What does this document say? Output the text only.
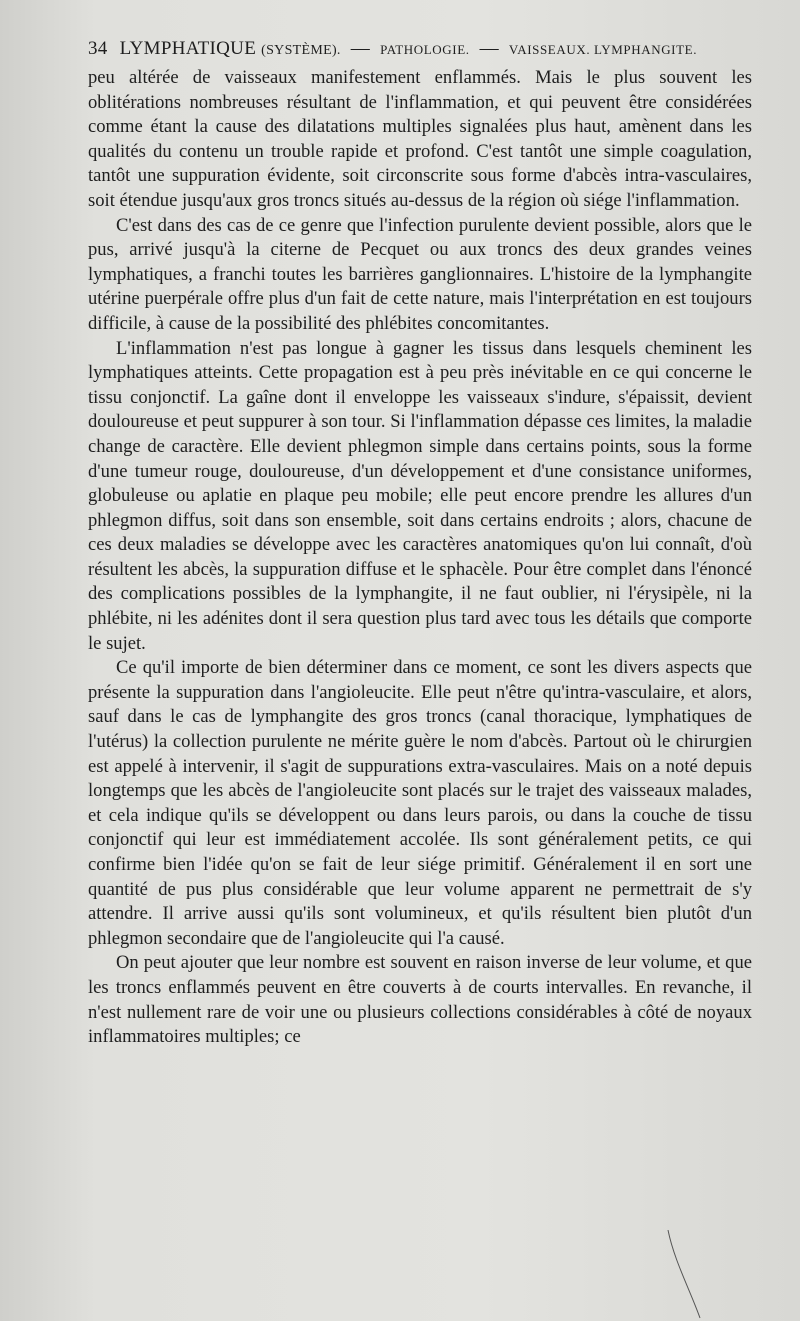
34 LYMPHATIQUE (SYSTÈME). — PATHOLOGIE. — VAISSEAUX. LYMPHANGITE.

peu altérée de vaisseaux manifestement enflammés. Mais le plus souvent les oblitérations nombreuses résultant de l'inflammation, et qui peuvent être considérées comme étant la cause des dilatations multiples signalées plus haut, amènent dans les qualités du contenu un trouble rapide et profond. C'est tantôt une simple coagulation, tantôt une suppuration évidente, soit circonscrite sous forme d'abcès intra-vasculaires, soit étendue jusqu'aux gros troncs situés au-dessus de la région où siége l'inflammation.

C'est dans des cas de ce genre que l'infection purulente devient possible, alors que le pus, arrivé jusqu'à la citerne de Pecquet ou aux troncs des deux grandes veines lymphatiques, a franchi toutes les barrières ganglionnaires. L'histoire de la lymphangite utérine puerpérale offre plus d'un fait de cette nature, mais l'interprétation en est toujours difficile, à cause de la possibilité des phlébites concomitantes.

L'inflammation n'est pas longue à gagner les tissus dans lesquels cheminent les lymphatiques atteints. Cette propagation est à peu près inévitable en ce qui concerne le tissu conjonctif. La gaîne dont il enveloppe les vaisseaux s'indure, s'épaissit, devient douloureuse et peut suppurer à son tour. Si l'inflammation dépasse ces limites, la maladie change de caractère. Elle devient phlegmon simple dans certains points, sous la forme d'une tumeur rouge, douloureuse, d'un développement et d'une consistance uniformes, globuleuse ou aplatie en plaque peu mobile; elle peut encore prendre les allures d'un phlegmon diffus, soit dans son ensemble, soit dans certains endroits ; alors, chacune de ces deux maladies se développe avec les caractères anatomiques qu'on lui connaît, d'où résultent les abcès, la suppuration diffuse et le sphacèle. Pour être complet dans l'énoncé des complications possibles de la lymphangite, il ne faut oublier, ni l'érysipèle, ni la phlébite, ni les adénites dont il sera question plus tard avec tous les détails que comporte le sujet.

Ce qu'il importe de bien déterminer dans ce moment, ce sont les divers aspects que présente la suppuration dans l'angioleucite. Elle peut n'être qu'intra-vasculaire, et alors, sauf dans le cas de lymphangite des gros troncs (canal thoracique, lymphatiques de l'utérus) la collection purulente ne mérite guère le nom d'abcès. Partout où le chirurgien est appelé à intervenir, il s'agit de suppurations extra-vasculaires. Mais on a noté depuis longtemps que les abcès de l'angioleucite sont placés sur le trajet des vaisseaux malades, et cela indique qu'ils se développent ou dans leurs parois, ou dans la couche de tissu conjonctif qui leur est immédiatement accolée. Ils sont généralement petits, ce qui confirme bien l'idée qu'on se fait de leur siége primitif. Généralement il en sort une quantité de pus plus considérable que leur volume apparent ne permettrait de s'y attendre. Il arrive aussi qu'ils sont volumineux, et qu'ils résultent bien plutôt d'un phlegmon secondaire que de l'angioleucite qui l'a causé.

On peut ajouter que leur nombre est souvent en raison inverse de leur volume, et que les troncs enflammés peuvent en être couverts à de courts intervalles. En revanche, il n'est nullement rare de voir une ou plusieurs collections considérables à côté de noyaux inflammatoires multiples; ce
